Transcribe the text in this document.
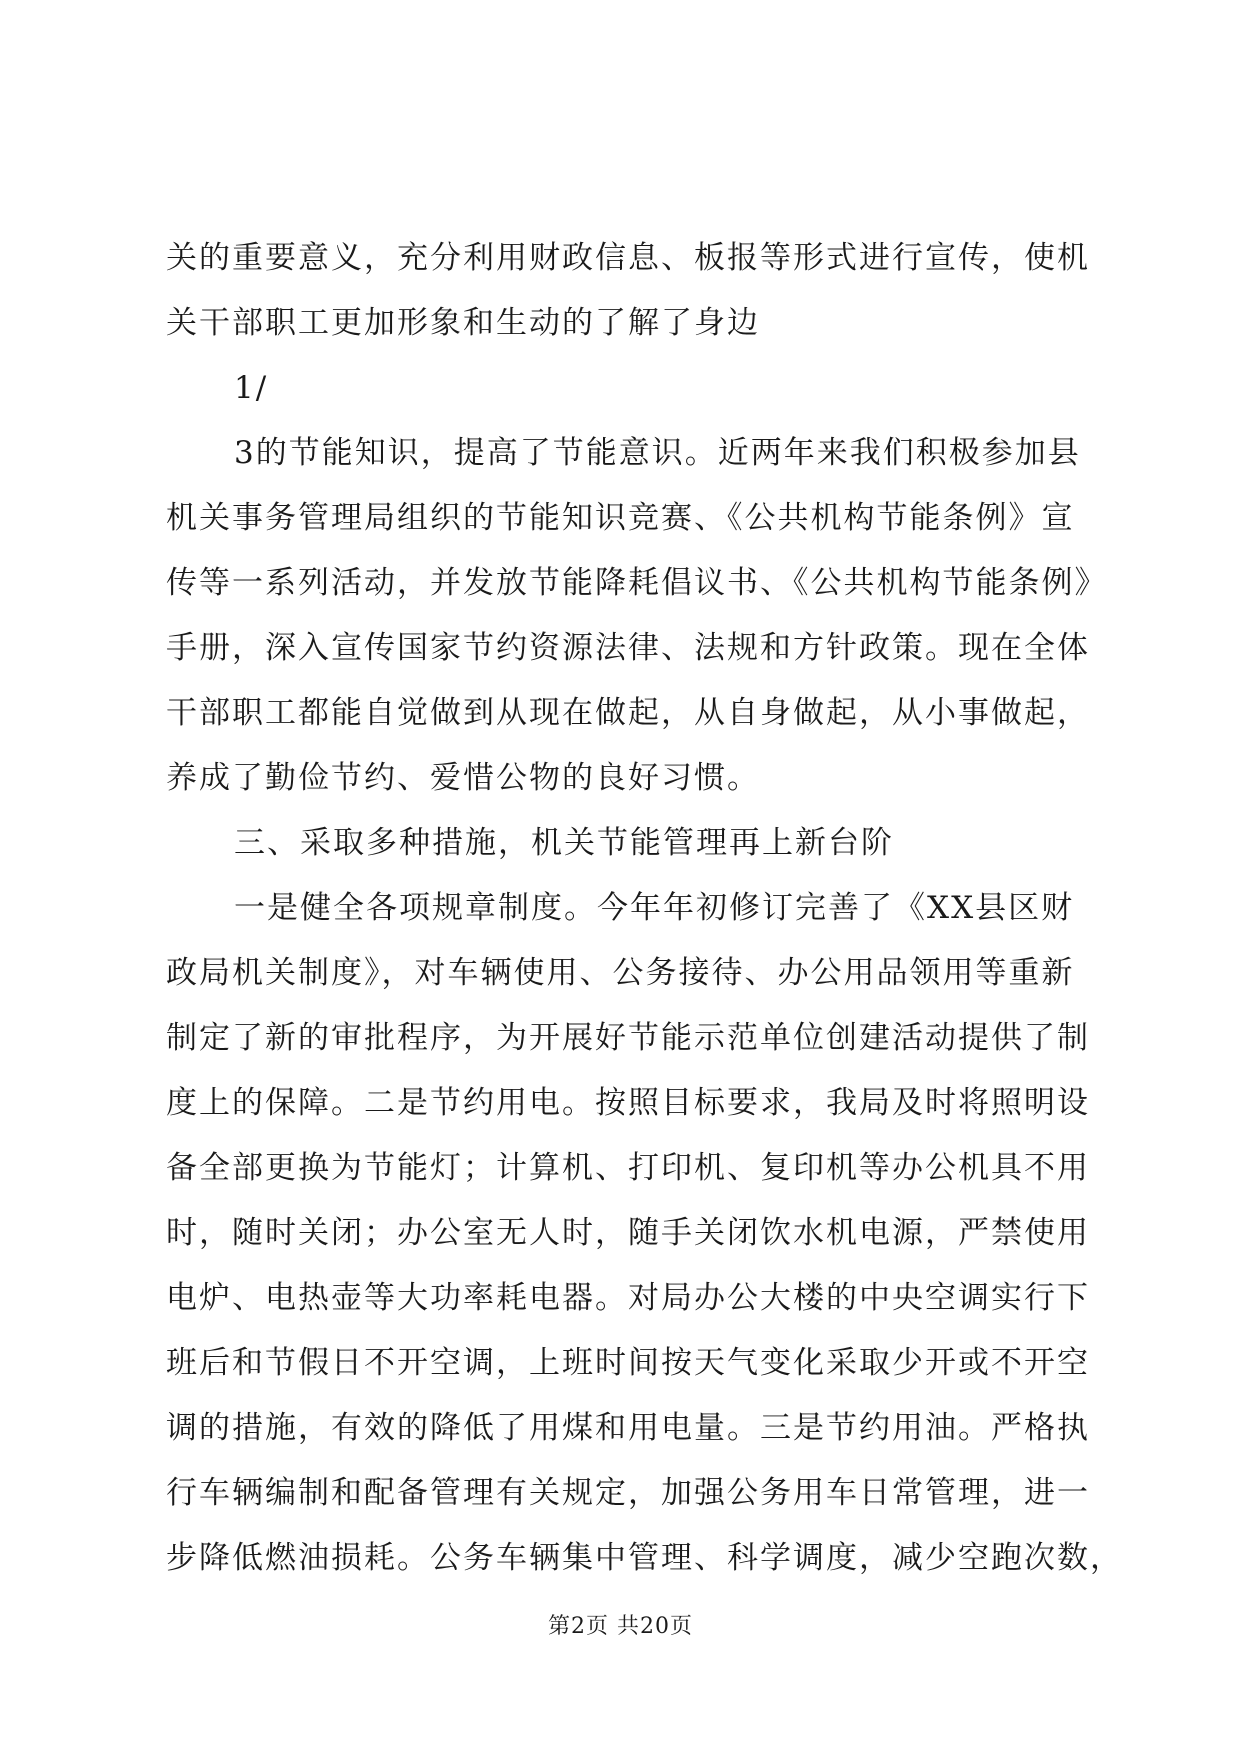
关的重要意义，充分利用财政信息、板报等形式进行宣传，使机
关干部职工更加形象和生动的了解了身边
1/
3的节能知识，提高了节能意识。近两年来我们积极参加县
机关事务管理局组织的节能知识竞赛、《公共机构节能条例》宣
传等一系列活动，并发放节能降耗倡议书、《公共机构节能条例》
手册，深入宣传国家节约资源法律、法规和方针政策。现在全体
干部职工都能自觉做到从现在做起，从自身做起，从小事做起，
养成了勤俭节约、爱惜公物的良好习惯。
三、采取多种措施，机关节能管理再上新台阶
一是健全各项规章制度。今年年初修订完善了《XX县区财
政局机关制度》，对车辆使用、公务接待、办公用品领用等重新
制定了新的审批程序，为开展好节能示范单位创建活动提供了制
度上的保障。二是节约用电。按照目标要求，我局及时将照明设
备全部更换为节能灯；计算机、打印机、复印机等办公机具不用
时，随时关闭；办公室无人时，随手关闭饮水机电源，严禁使用
电炉、电热壶等大功率耗电器。对局办公大楼的中央空调实行下
班后和节假日不开空调，上班时间按天气变化采取少开或不开空
调的措施，有效的降低了用煤和用电量。三是节约用油。严格执
行车辆编制和配备管理有关规定，加强公务用车日常管理，进一
步降低燃油损耗。公务车辆集中管理、科学调度，减少空跑次数，
第2页 共20页
